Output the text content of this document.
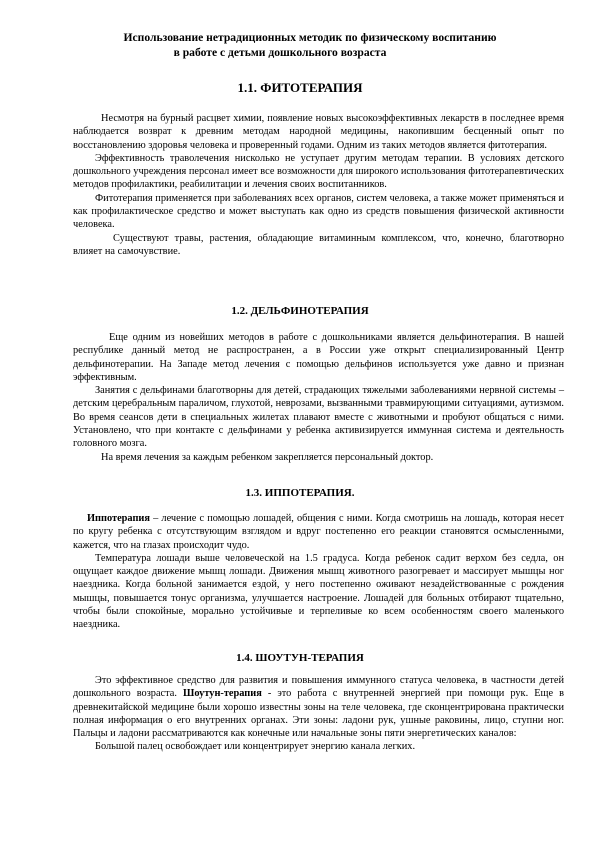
Использование нетрадиционных методик по физическому воспитанию
в работе с детьми дошкольного возраста
1.1. ФИТОТЕРАПИЯ

Несмотря на бурный расцвет химии, появление новых высокоэффективных лекарств в последнее время наблюдается возврат к древним методам народной медицины, накопившим бесценный опыт по восстановлению здоровья человека и проверенный годами. Одним из таких методов является фитотерапия.

Эффективность траволечения нисколько не уступает другим методам терапии. В условиях детского дошкольного учреждения персонал имеет все возможности для широкого использования фитотерапевтических методов профилактики, реабилитации и лечения своих воспитанников.

Фитотерапия применяется при заболеваниях всех органов, систем человека, а также может применяться и как профилактическое средство и может выступать как одно из средств повышения физической активности человека.

Существуют травы, растения, обладающие витаминным комплексом, что, конечно, благотворно влияет на самочувствие.

1.2. ДЕЛЬФИНОТЕРАПИЯ

Еще одним из новейших методов в работе с дошкольниками является дельфинотерапия. В нашей республике данный метод не распространен, а в России уже открыт специализированный Центр дельфинотерапии. На Западе метод лечения с помощью дельфинов используется уже давно и признан эффективным.

Занятия с дельфинами благотворны для детей, страдающих тяжелыми заболеваниями нервной системы – детским церебральным параличом, глухотой, неврозами, вызванными травмирующими ситуациями, аутизмом. Во время сеансов дети в специальных жилетах плавают вместе с животными и пробуют общаться с ними. Установлено, что при контакте с дельфинами у ребенка активизируется иммунная система и деятельность головного мозга.

На время лечения за каждым ребенком закрепляется персональный доктор.

1.3. ИППОТЕРАПИЯ.

Иппотерапия – лечение с помощью лошадей, общения с ними. Когда смотришь на лошадь, которая несет по кругу ребенка с отсутствующим взглядом и вдруг постепенно его реакции становятся осмысленными, кажется, что на глазах происходит чудо.

Температура лошади выше человеческой на 1.5 градуса. Когда ребенок садит верхом без седла, он ощущает каждое движение мышц лошади. Движения мышц животного разогревает и массирует мышцы ног наездника. Когда больной занимается ездой, у него постепенно оживают незадействованные с рождения мышцы, повышается тонус организма, улучшается настроение. Лошадей для больных отбирают тщательно, чтобы были спокойные, морально устойчивые и терпеливые ко всем особенностям своего маленького наездника.

1.4. ШОУТУН-ТЕРАПИЯ

Это эффективное средство для развития и повышения иммунного статуса человека, в частности детей дошкольного возраста. Шоутун-терапия - это работа с внутренней энергией при помощи рук. Еще в древнекитайской медицине были хорошо известны зоны на теле человека, где сконцентрирована практически полная информация о его внутренних органах. Эти зоны: ладони рук, ушные раковины, лицо, ступни ног. Пальцы и ладони рассматриваются как конечные или начальные зоны пяти энергетических каналов:

Большой палец освобождает или концентрирует энергию канала легких.
